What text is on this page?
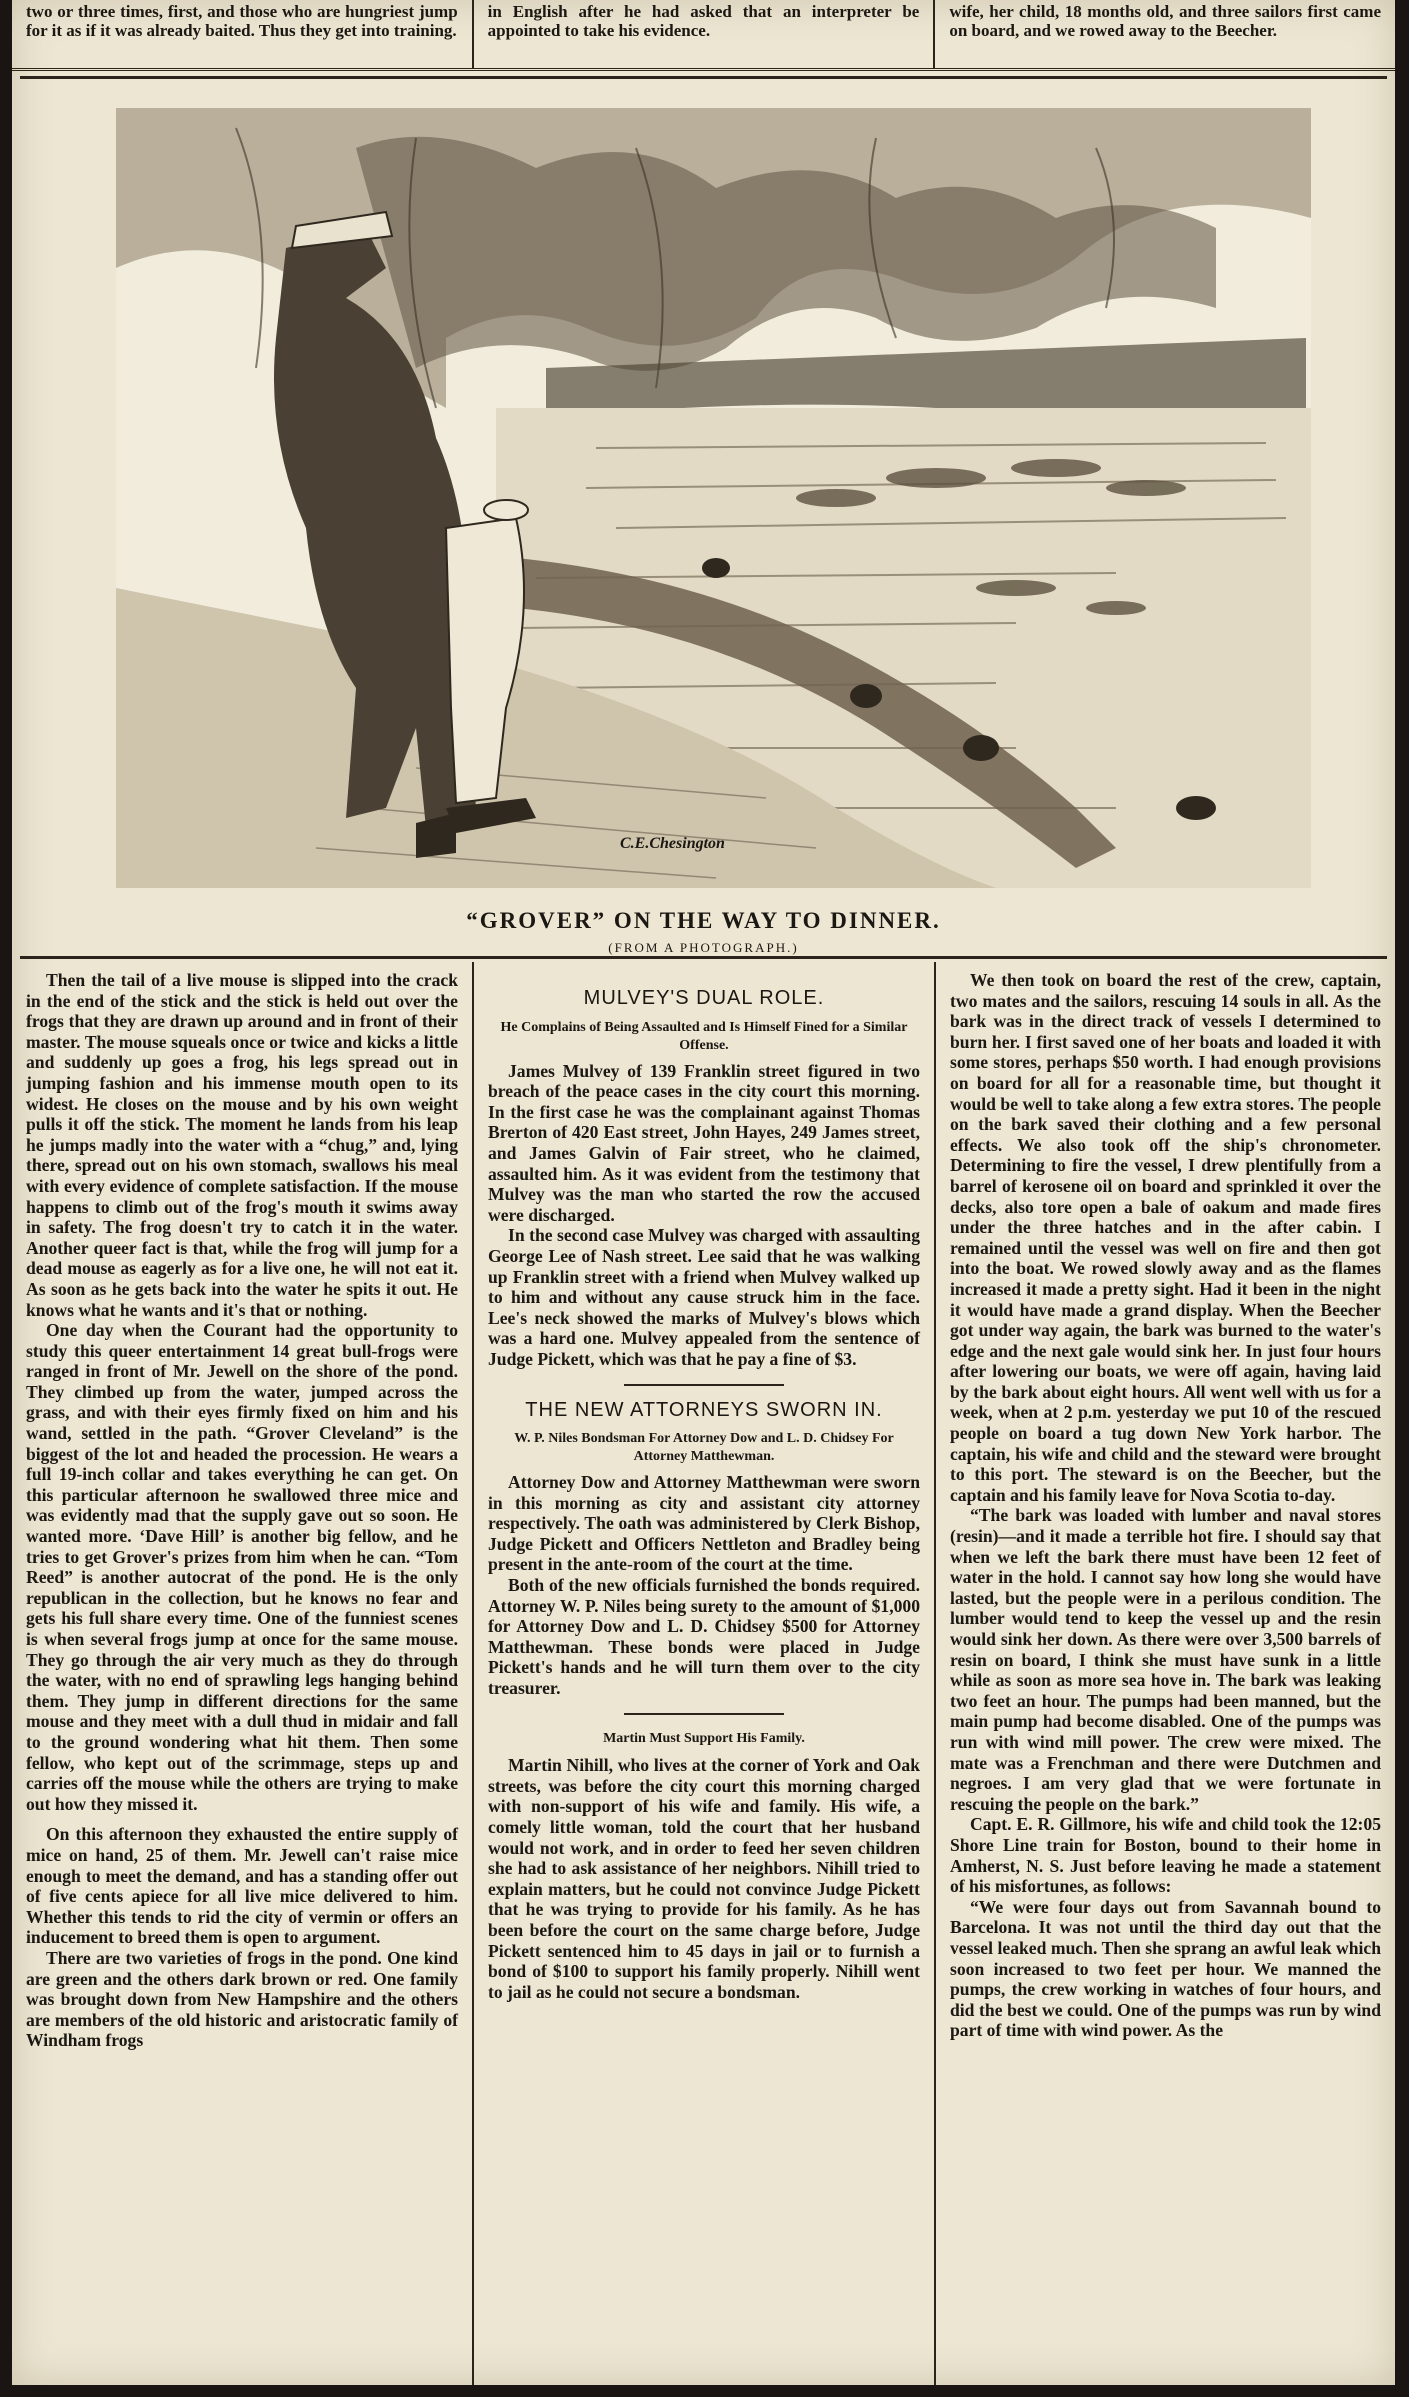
two or three times, first, and those who are hungriest jump for it as if it was already baited. Thus they get into training.
in English after he had asked that an interpreter be appointed to take his evidence.
wife, her child, 18 months old, and three sailors first came on board, and we rowed away to the Beecher.
C.E.Chesington
“GROVER” ON THE WAY TO DINNER.
(FROM A PHOTOGRAPH.)

Then the tail of a live mouse is slipped into the crack in the end of the stick and the stick is held out over the frogs that they are drawn up around and in front of their master. The mouse squeals once or twice and kicks a little and suddenly up goes a frog, his legs spread out in jumping fashion and his immense mouth open to its widest. He closes on the mouse and by his own weight pulls it off the stick. The moment he lands from his leap he jumps madly into the water with a “chug,” and, lying there, spread out on his own stomach, swallows his meal with every evidence of complete satisfaction. If the mouse happens to climb out of the frog's mouth it swims away in safety. The frog doesn't try to catch it in the water. Another queer fact is that, while the frog will jump for a dead mouse as eagerly as for a live one, he will not eat it. As soon as he gets back into the water he spits it out. He knows what he wants and it's that or nothing.

One day when the Courant had the opportunity to study this queer entertainment 14 great bull-frogs were ranged in front of Mr. Jewell on the shore of the pond. They climbed up from the water, jumped across the grass, and with their eyes firmly fixed on him and his wand, settled in the path. “Grover Cleveland” is the biggest of the lot and headed the procession. He wears a full 19-inch collar and takes everything he can get. On this particular afternoon he swallowed three mice and was evidently mad that the supply gave out so soon. He wanted more. ‘Dave Hill’ is another big fellow, and he tries to get Grover's prizes from him when he can. “Tom Reed” is another autocrat of the pond. He is the only republican in the collection, but he knows no fear and gets his full share every time. One of the funniest scenes is when several frogs jump at once for the same mouse. They go through the air very much as they do through the water, with no end of sprawling legs hanging behind them. They jump in different directions for the same mouse and they meet with a dull thud in midair and fall to the ground wondering what hit them. Then some fellow, who kept out of the scrimmage, steps up and carries off the mouse while the others are trying to make out how they missed it.

On this afternoon they exhausted the entire supply of mice on hand, 25 of them. Mr. Jewell can't raise mice enough to meet the demand, and has a standing offer out of five cents apiece for all live mice delivered to him. Whether this tends to rid the city of vermin or offers an inducement to breed them is open to argument.

There are two varieties of frogs in the pond. One kind are green and the others dark brown or red. One family was brought down from New Hampshire and the others are members of the old historic and aristocratic family of Windham frogs

MULVEY'S DUAL ROLE.
He Complains of Being Assaulted and Is Himself Fined for a Similar Offense.

James Mulvey of 139 Franklin street figured in two breach of the peace cases in the city court this morning. In the first case he was the complainant against Thomas Brerton of 420 East street, John Hayes, 249 James street, and James Galvin of Fair street, who he claimed, assaulted him. As it was evident from the testimony that Mulvey was the man who started the row the accused were discharged.

In the second case Mulvey was charged with assaulting George Lee of Nash street. Lee said that he was walking up Franklin street with a friend when Mulvey walked up to him and without any cause struck him in the face. Lee's neck showed the marks of Mulvey's blows which was a hard one. Mulvey appealed from the sentence of Judge Pickett, which was that he pay a fine of $3.

THE NEW ATTORNEYS SWORN IN.
W. P. Niles Bondsman For Attorney Dow and L. D. Chidsey For Attorney Matthewman.

Attorney Dow and Attorney Matthewman were sworn in this morning as city and assistant city attorney respectively. The oath was administered by Clerk Bishop, Judge Pickett and Officers Nettleton and Bradley being present in the ante-room of the court at the time.

Both of the new officials furnished the bonds required. Attorney W. P. Niles being surety to the amount of $1,000 for Attorney Dow and L. D. Chidsey $500 for Attorney Matthewman. These bonds were placed in Judge Pickett's hands and he will turn them over to the city treasurer.

Martin Must Support His Family.

Martin Nihill, who lives at the corner of York and Oak streets, was before the city court this morning charged with non-support of his wife and family. His wife, a comely little woman, told the court that her husband would not work, and in order to feed her seven children she had to ask assistance of her neighbors. Nihill tried to explain matters, but he could not convince Judge Pickett that he was trying to provide for his family. As he has been before the court on the same charge before, Judge Pickett sentenced him to 45 days in jail or to furnish a bond of $100 to support his family properly. Nihill went to jail as he could not secure a bondsman.

We then took on board the rest of the crew, captain, two mates and the sailors, rescuing 14 souls in all. As the bark was in the direct track of vessels I determined to burn her. I first saved one of her boats and loaded it with some stores, perhaps $50 worth. I had enough provisions on board for all for a reasonable time, but thought it would be well to take along a few extra stores. The people on the bark saved their clothing and a few personal effects. We also took off the ship's chronometer. Determining to fire the vessel, I drew plentifully from a barrel of kerosene oil on board and sprinkled it over the decks, also tore open a bale of oakum and made fires under the three hatches and in the after cabin. I remained until the vessel was well on fire and then got into the boat. We rowed slowly away and as the flames increased it made a pretty sight. Had it been in the night it would have made a grand display. When the Beecher got under way again, the bark was burned to the water's edge and the next gale would sink her. In just four hours after lowering our boats, we were off again, having laid by the bark about eight hours. All went well with us for a week, when at 2 p.m. yesterday we put 10 of the rescued people on board a tug down New York harbor. The captain, his wife and child and the steward were brought to this port. The steward is on the Beecher, but the captain and his family leave for Nova Scotia to-day.

“The bark was loaded with lumber and naval stores (resin)—and it made a terrible hot fire. I should say that when we left the bark there must have been 12 feet of water in the hold. I cannot say how long she would have lasted, but the people were in a perilous condition. The lumber would tend to keep the vessel up and the resin would sink her down. As there were over 3,500 barrels of resin on board, I think she must have sunk in a little while as soon as more sea hove in. The bark was leaking two feet an hour. The pumps had been manned, but the main pump had become disabled. One of the pumps was run with wind mill power. The crew were mixed. The mate was a Frenchman and there were Dutchmen and negroes. I am very glad that we were fortunate in rescuing the people on the bark.”

Capt. E. R. Gillmore, his wife and child took the 12:05 Shore Line train for Boston, bound to their home in Amherst, N. S. Just before leaving he made a statement of his misfortunes, as follows:

“We were four days out from Savannah bound to Barcelona. It was not until the third day out that the vessel leaked much. Then she sprang an awful leak which soon increased to two feet per hour. We manned the pumps, the crew working in watches of four hours, and did the best we could. One of the pumps was run by wind part of time with wind power. As the
